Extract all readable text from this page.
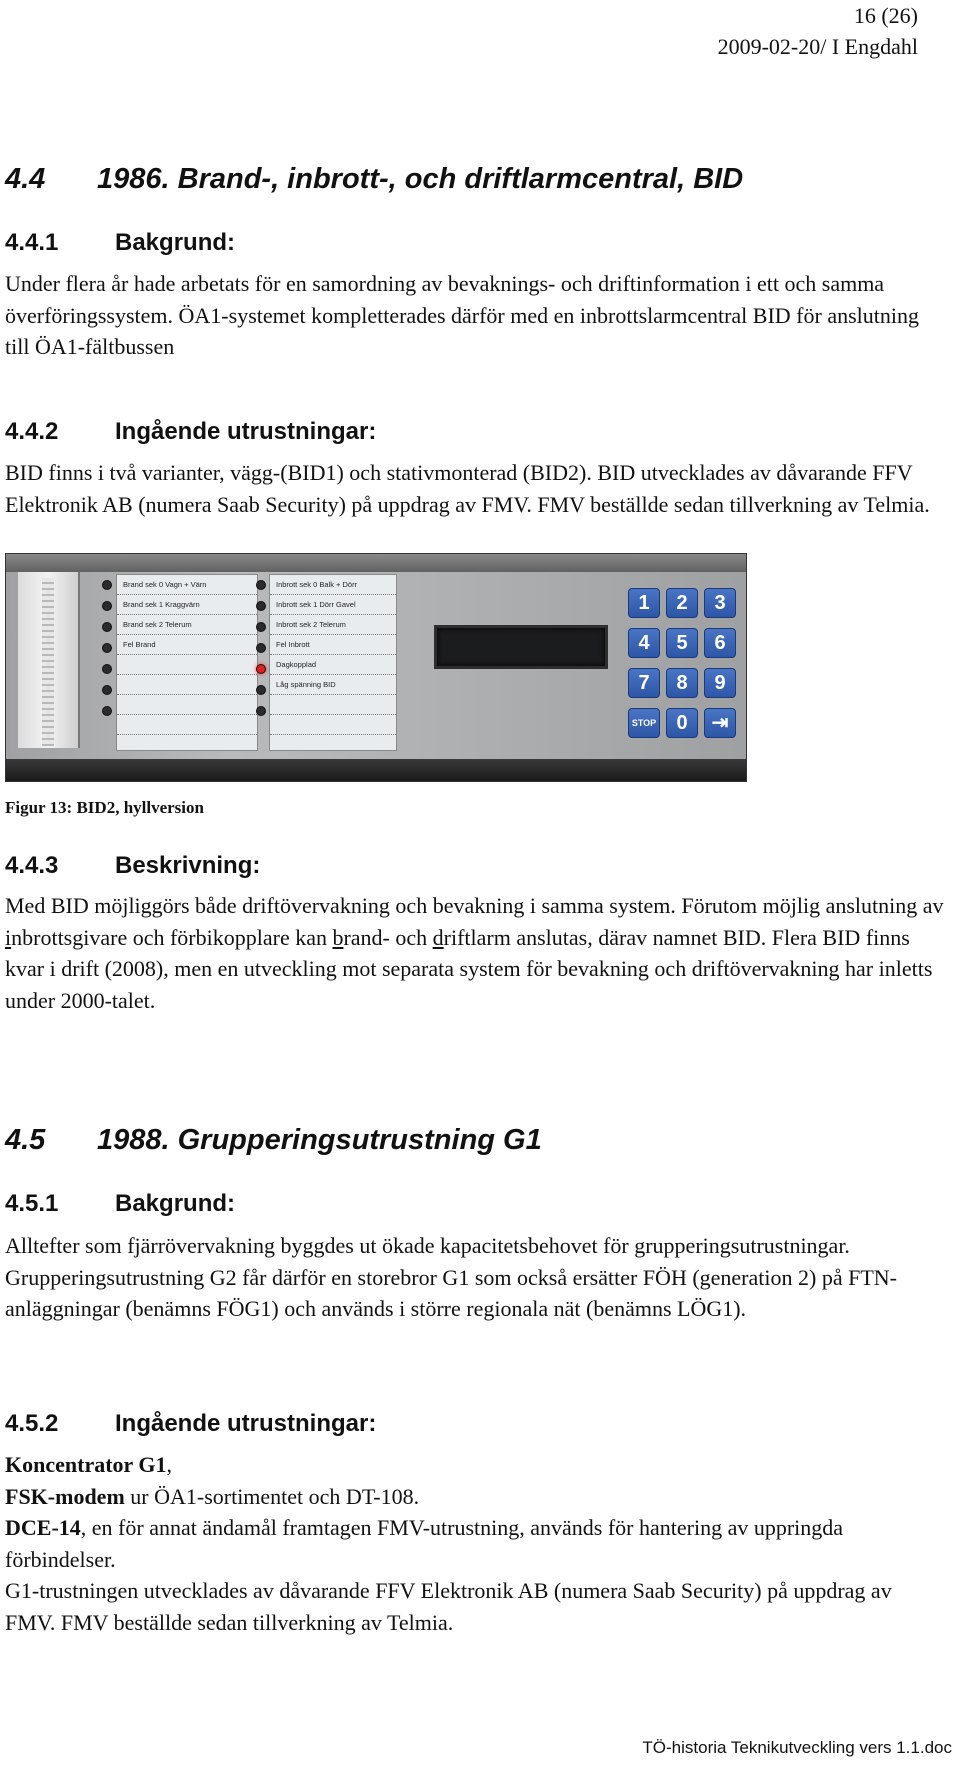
16 (26)
2009-02-20/ I Engdahl
4.4 1986. Brand-, inbrott-, och driftlarmcentral, BID
4.4.1 Bakgrund:
Under flera år hade arbetats för en samordning av bevaknings- och driftinformation i ett och samma överföringssystem. ÖA1-systemet kompletterades därför med en inbrottslarmcentral BID för anslutning till ÖA1-fältbussen
4.4.2 Ingående utrustningar:
BID finns i två varianter, vägg-(BID1) och stativmonterad (BID2). BID utvecklades av dåvarande FFV Elektronik AB (numera Saab Security) på uppdrag av FMV. FMV beställde sedan tillverkning av Telmia.
Brand sek 0 Vagn + Värn
Brand sek 1 Kraggvärn
Brand sek 2 Telerum
Fel Brand
Inbrott sek 0 Balk + Dörr
Inbrott sek 1 Dörr Gavel
Inbrott sek 2 Telerum
Fel Inbrott
Dagkopplad
Låg spänning BID
1	2	3
4	5	6
7	8	9
STOP	0	⇥
Figur 13: BID2, hyllversion
4.4.3 Beskrivning:
Med BID möjliggörs både driftövervakning och bevakning i samma system. Förutom möjlig anslutning av inbrottsgivare och förbikopplare kan brand- och driftlarm anslutas, därav namnet BID. Flera BID finns kvar i drift (2008), men en utveckling mot separata system för bevakning och driftövervakning har inletts under 2000-talet.
4.5 1988. Grupperingsutrustning G1
4.5.1 Bakgrund:
Alltefter som fjärrövervakning byggdes ut ökade kapacitetsbehovet för grupperingsutrustningar. Grupperingsutrustning G2 får därför en storebror G1 som också ersätter FÖH (generation 2) på FTN-anläggningar (benämns FÖG1) och används i större regionala nät (benämns LÖG1).
4.5.2 Ingående utrustningar:
Koncentrator G1,
FSK-modem ur ÖA1-sortimentet och DT-108.
DCE-14, en för annat ändamål framtagen FMV-utrustning, används för hantering av uppringda förbindelser.
G1-trustningen utvecklades av dåvarande FFV Elektronik AB (numera Saab Security) på uppdrag av FMV. FMV beställde sedan tillverkning av Telmia.
TÖ-historia Teknikutveckling vers 1.1.doc
